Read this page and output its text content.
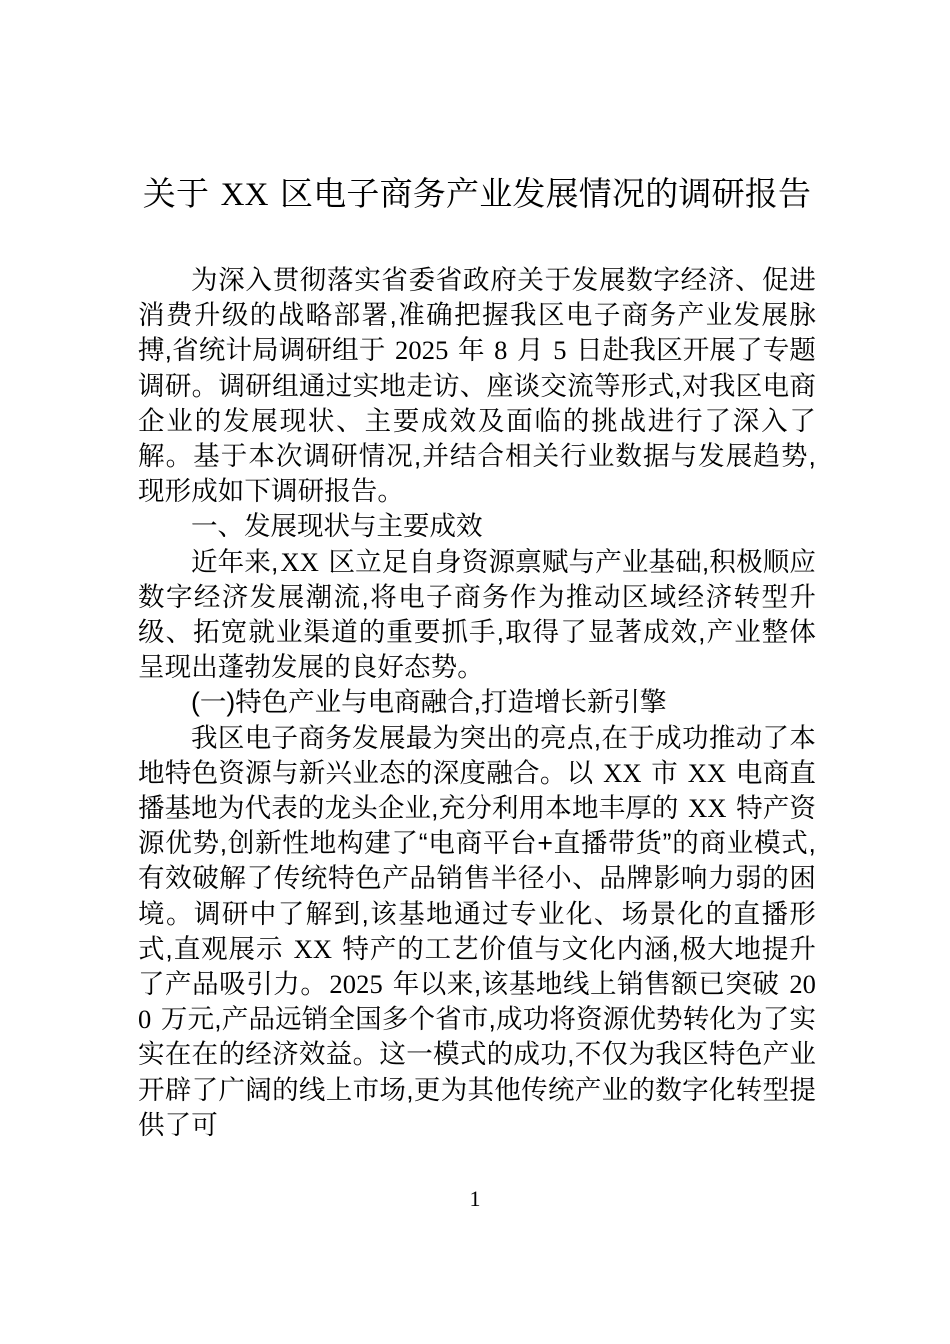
关于 XX 区电子商务产业发展情况的调研报告

为深入贯彻落实省委省政府关于发展数字经济、促进消费升级的战略部署,准确把握我区电子商务产业发展脉搏,省统计局调研组于 2025 年 8 月 5 日赴我区开展了专题调研。调研组通过实地走访、座谈交流等形式,对我区电商企业的发展现状、主要成效及面临的挑战进行了深入了解。基于本次调研情况,并结合相关行业数据与发展趋势,现形成如下调研报告。

一、发展现状与主要成效

近年来,XX 区立足自身资源禀赋与产业基础,积极顺应数字经济发展潮流,将电子商务作为推动区域经济转型升级、拓宽就业渠道的重要抓手,取得了显著成效,产业整体呈现出蓬勃发展的良好态势。

(一)特色产业与电商融合,打造增长新引擎

我区电子商务发展最为突出的亮点,在于成功推动了本地特色资源与新兴业态的深度融合。以 XX 市 XX 电商直播基地为代表的龙头企业,充分利用本地丰厚的 XX 特产资源优势,创新性地构建了“电商平台+直播带货”的商业模式,有效破解了传统特色产品销售半径小、品牌影响力弱的困境。调研中了解到,该基地通过专业化、场景化的直播形式,直观展示 XX 特产的工艺价值与文化内涵,极大地提升了产品吸引力。2025 年以来,该基地线上销售额已突破 200 万元,产品远销全国多个省市,成功将资源优势转化为了实实在在的经济效益。这一模式的成功,不仅为我区特色产业开辟了广阔的线上市场,更为其他传统产业的数字化转型提供了可

1
